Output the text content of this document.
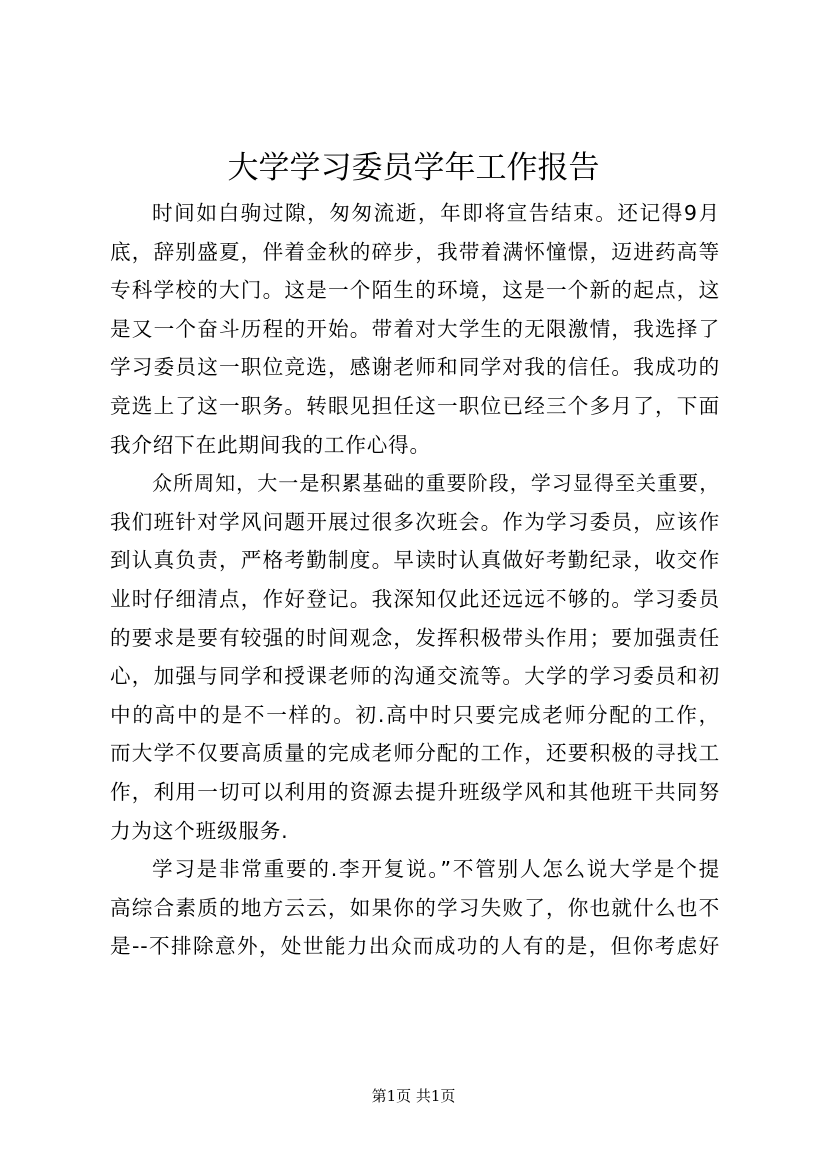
大学学习委员学年工作报告
时间如白驹过隙，匆匆流逝，年即将宣告结束。还记得9月
底，辞别盛夏，伴着金秋的碎步，我带着满怀憧憬，迈进药高等
专科学校的大门。这是一个陌生的环境，这是一个新的起点，这
是又一个奋斗历程的开始。带着对大学生的无限激情，我选择了
学习委员这一职位竞选，感谢老师和同学对我的信任。我成功的
竞选上了这一职务。转眼见担任这一职位已经三个多月了，下面
我介绍下在此期间我的工作心得。
众所周知，大一是积累基础的重要阶段，学习显得至关重要，
我们班针对学风问题开展过很多次班会。作为学习委员，应该作
到认真负责，严格考勤制度。早读时认真做好考勤纪录，收交作
业时仔细清点，作好登记。我深知仅此还远远不够的。学习委员
的要求是要有较强的时间观念，发挥积极带头作用；要加强责任
心，加强与同学和授课老师的沟通交流等。大学的学习委员和初
中的高中的是不一样的。初.高中时只要完成老师分配的工作，
而大学不仅要高质量的完成老师分配的工作，还要积极的寻找工
作，利用一切可以利用的资源去提升班级学风和其他班干共同努
力为这个班级服务.
学习是非常重要的.李开复说。”不管别人怎么说大学是个提
高综合素质的地方云云，如果你的学习失败了，你也就什么也不
是--不排除意外，处世能力出众而成功的人有的是，但你考虑好
第1页 共1页
